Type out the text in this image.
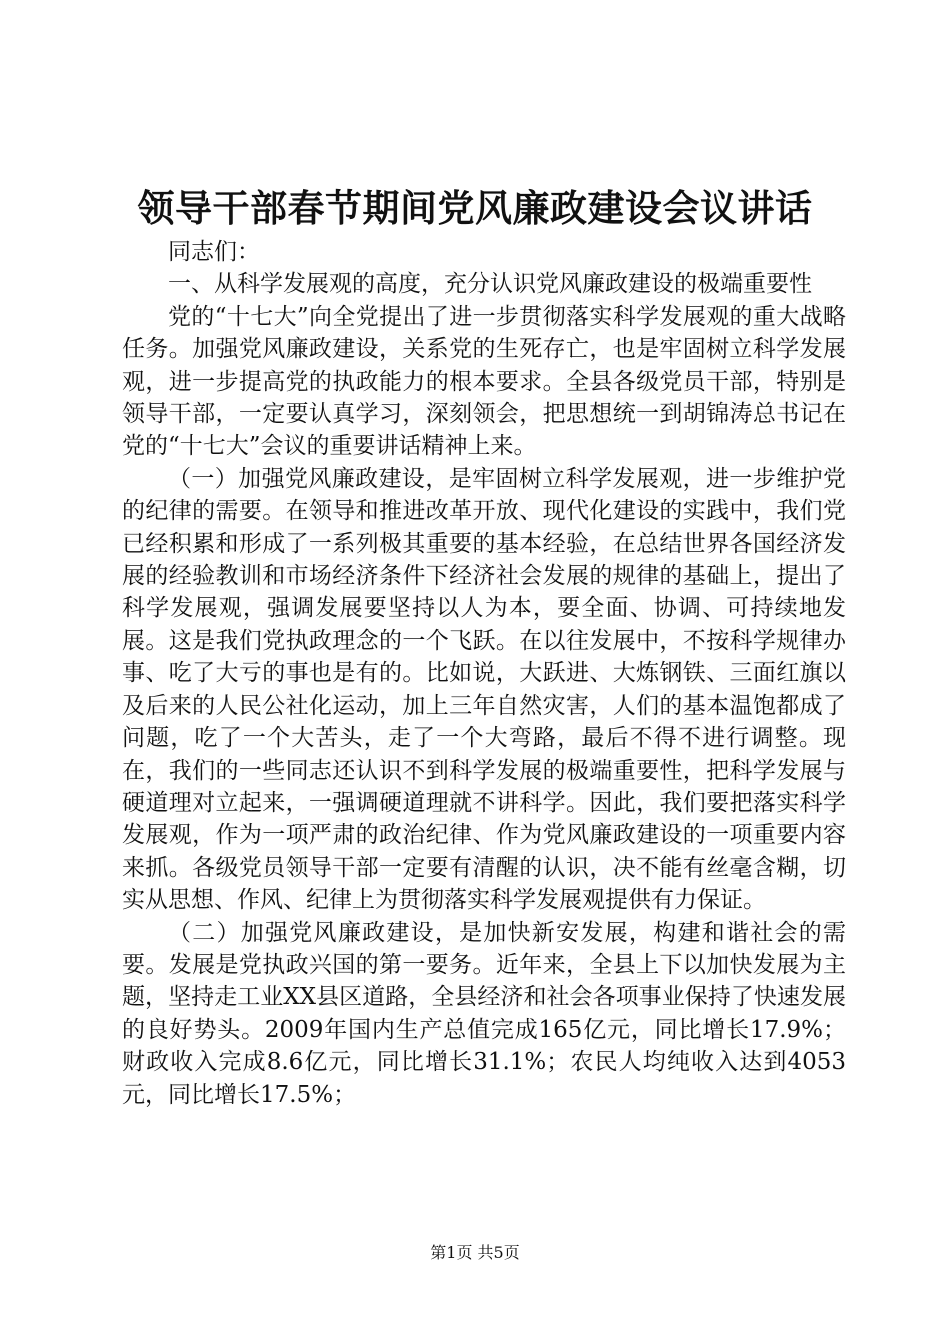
领导干部春节期间党风廉政建设会议讲话

同志们：

一、从科学发展观的高度，充分认识党风廉政建设的极端重要性

党的“十七大”向全党提出了进一步贯彻落实科学发展观的重大战略任务。加强党风廉政建设，关系党的生死存亡，也是牢固树立科学发展观，进一步提高党的执政能力的根本要求。全县各级党员干部，特别是领导干部，一定要认真学习，深刻领会，把思想统一到胡锦涛总书记在党的“十七大”会议的重要讲话精神上来。

（一）加强党风廉政建设，是牢固树立科学发展观，进一步维护党的纪律的需要。在领导和推进改革开放、现代化建设的实践中，我们党已经积累和形成了一系列极其重要的基本经验，在总结世界各国经济发展的经验教训和市场经济条件下经济社会发展的规律的基础上，提出了科学发展观，强调发展要坚持以人为本，要全面、协调、可持续地发展。这是我们党执政理念的一个飞跃。在以往发展中，不按科学规律办事、吃了大亏的事也是有的。比如说，大跃进、大炼钢铁、三面红旗以及后来的人民公社化运动，加上三年自然灾害，人们的基本温饱都成了问题，吃了一个大苦头，走了一个大弯路，最后不得不进行调整。现在，我们的一些同志还认识不到科学发展的极端重要性，把科学发展与硬道理对立起来，一强调硬道理就不讲科学。因此，我们要把落实科学发展观，作为一项严肃的政治纪律、作为党风廉政建设的一项重要内容来抓。各级党员领导干部一定要有清醒的认识，决不能有丝毫含糊，切实从思想、作风、纪律上为贯彻落实科学发展观提供有力保证。

（二）加强党风廉政建设，是加快新安发展，构建和谐社会的需要。发展是党执政兴国的第一要务。近年来，全县上下以加快发展为主题，坚持走工业XX县区道路，全县经济和社会各项事业保持了快速发展的良好势头。2009年国内生产总值完成165亿元，同比增长17.9%；财政收入完成8.6亿元，同比增长31.1%；农民人均纯收入达到4053元，同比增长17.5%；

第1页 共5页
